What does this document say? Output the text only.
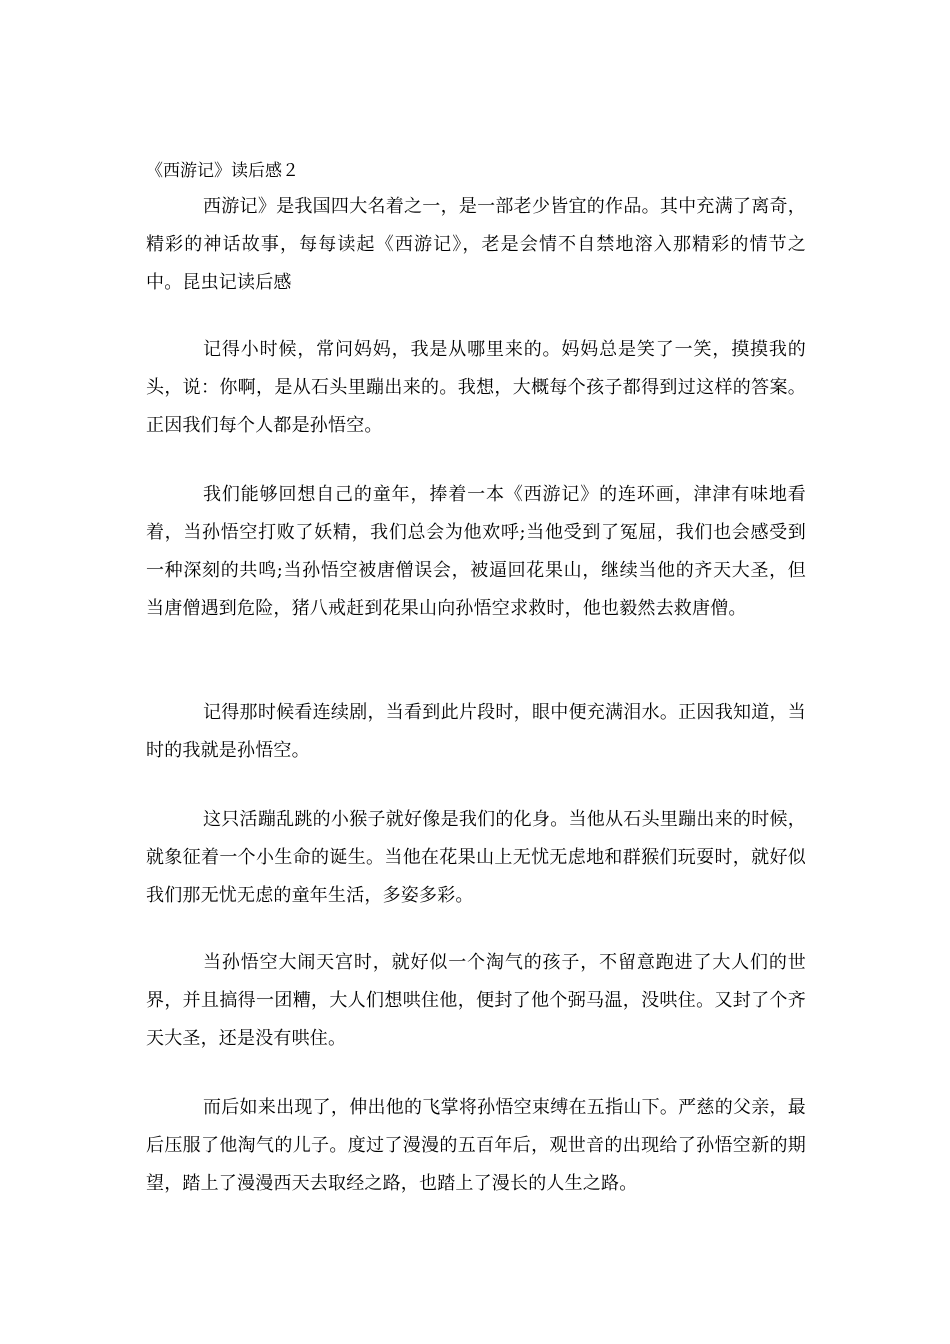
《西游记》读后感２

西游记》是我国四大名着之一，是一部老少皆宜的作品。其中充满了离奇，精彩的神话故事，每每读起《西游记》，老是会情不自禁地溶入那精彩的情节之中。昆虫记读后感

记得小时候，常问妈妈，我是从哪里来的。妈妈总是笑了一笑，摸摸我的头，说：你啊，是从石头里蹦出来的。我想，大概每个孩子都得到过这样的答案。正因我们每个人都是孙悟空。

我们能够回想自己的童年，捧着一本《西游记》的连环画，津津有味地看着，当孙悟空打败了妖精，我们总会为他欢呼;当他受到了冤屈，我们也会感受到一种深刻的共鸣;当孙悟空被唐僧误会，被逼回花果山，继续当他的齐天大圣，但当唐僧遇到危险，猪八戒赶到花果山向孙悟空求救时，他也毅然去救唐僧。

记得那时候看连续剧，当看到此片段时，眼中便充满泪水。正因我知道，当时的我就是孙悟空。

这只活蹦乱跳的小猴子就好像是我们的化身。当他从石头里蹦出来的时候，就象征着一个小生命的诞生。当他在花果山上无忧无虑地和群猴们玩耍时，就好似我们那无忧无虑的童年生活，多姿多彩。

当孙悟空大闹天宫时，就好似一个淘气的孩子，不留意跑进了大人们的世界，并且搞得一团糟，大人们想哄住他，便封了他个弼马温，没哄住。又封了个齐天大圣，还是没有哄住。

而后如来出现了，伸出他的飞掌将孙悟空束缚在五指山下。严慈的父亲，最后压服了他淘气的儿子。度过了漫漫的五百年后，观世音的出现给了孙悟空新的期望，踏上了漫漫西天去取经之路，也踏上了漫长的人生之路。
